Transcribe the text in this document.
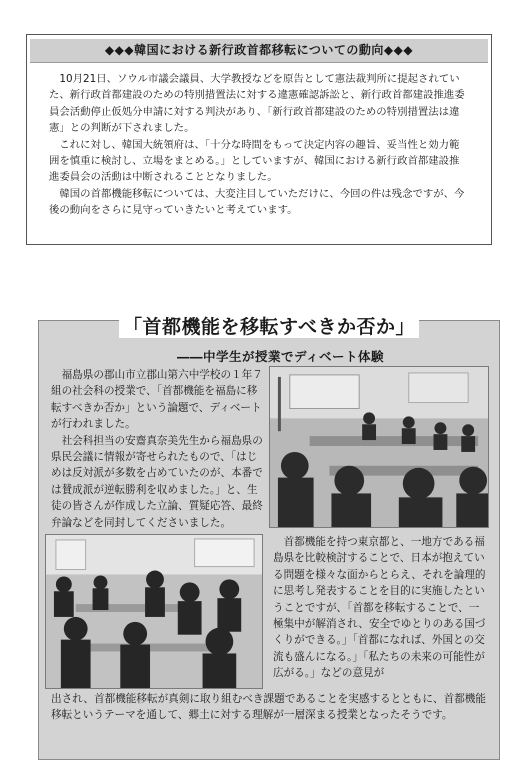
◆◆◆韓国における新行政首都移転についての動向◆◆◆

10月21日、ソウル市議会議員、大学教授などを原告として憲法裁判所に提起されていた、新行政首都建設のための特別措置法に対する違憲確認訴訟と、新行政首都建設推進委員会活動停止仮処分申請に対する判決があり、「新行政首都建設のための特別措置法は違憲」との判断が下されました。

これに対し、韓国大統領府は、「十分な時間をもって決定内容の趣旨、妥当性と効力範囲を慎重に検討し、立場をまとめる。」としていますが、韓国における新行政首都建設推進委員会の活動は中断されることとなりました。

韓国の首都機能移転については、大変注目していただけに、今回の件は残念ですが、今後の動向をさらに見守っていきたいと考えています。

「首都機能を移転すべきか否か」
――中学生が授業でディベート体験

福島県の郡山市立郡山第六中学校の１年７組の社会科の授業で、「首都機能を福島に移転すべきか否か」という論題で、ディベートが行われました。

社会科担当の安齋真奈美先生から福島県の県民会議に情報が寄せられたもので、「はじめは反対派が多数を占めていたのが、本番では賛成派が逆転勝利を収めました。」と、生徒の皆さんが作成した立論、質疑応答、最終弁論などを同封してくださいました。

首都機能を持つ東京都と、一地方である福島県を比較検討することで、日本が抱えている問題を様々な面からとらえ、それを論理的に思考し発表することを目的に実施したということですが、「首都を移転することで、一極集中が解消され、安全でゆとりのある国づくりができる。」「首都になれば、外国との交流も盛んになる。」「私たちの未来の可能性が広がる。」などの意見が

出され、首都機能移転が真剣に取り組むべき課題であることを実感するとともに、首都機能移転というテーマを通して、郷土に対する理解が一層深まる授業となったそうです。
